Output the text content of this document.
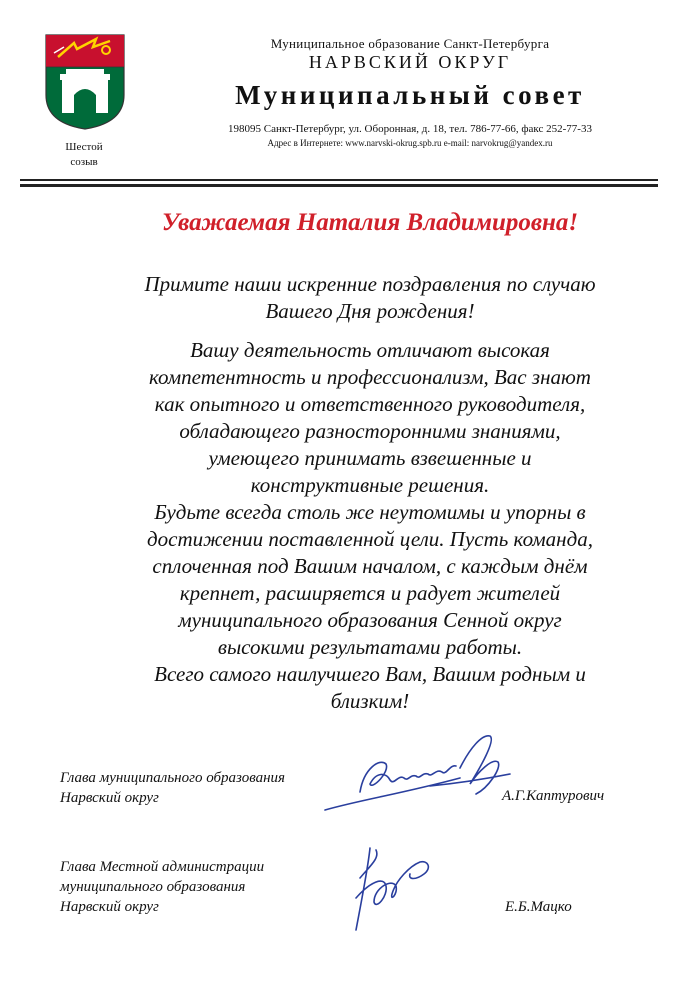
Шестой
созыв
Муниципальное образование Санкт-Петербурга
НАРВСКИЙ ОКРУГ
Муниципальный совет
198095 Санкт-Петербург, ул. Оборонная, д. 18, тел. 786-77-66, факс 252-77-33
Адрес в Интернете: www.narvski-okrug.spb.ru e-mail: narvokrug@yandex.ru
Уважаемая Наталия Владимировна!

Примите наши искренние поздравления по случаю

Вашего Дня рождения!

Вашу деятельность отличают высокая

компетентность и профессионализм, Вас знают

как опытного и ответственного руководителя,

обладающего разносторонними знаниями,

умеющего принимать взвешенные и

конструктивные решения.

Будьте всегда столь же неутомимы и упорны в

достижении поставленной цели. Пусть команда,

сплоченная под Вашим началом, с каждым днём

крепнет, расширяется и радует жителей

муниципального образования Сенной округ

высокими результатами работы.

Всего самого наилучшего Вам, Вашим родным и

близким!

Глава муниципального образования
Нарвский округ	А.Г.Каптурович
Глава Местной администрации
муниципального образования
Нарвский округ	Е.Б.Мацко
